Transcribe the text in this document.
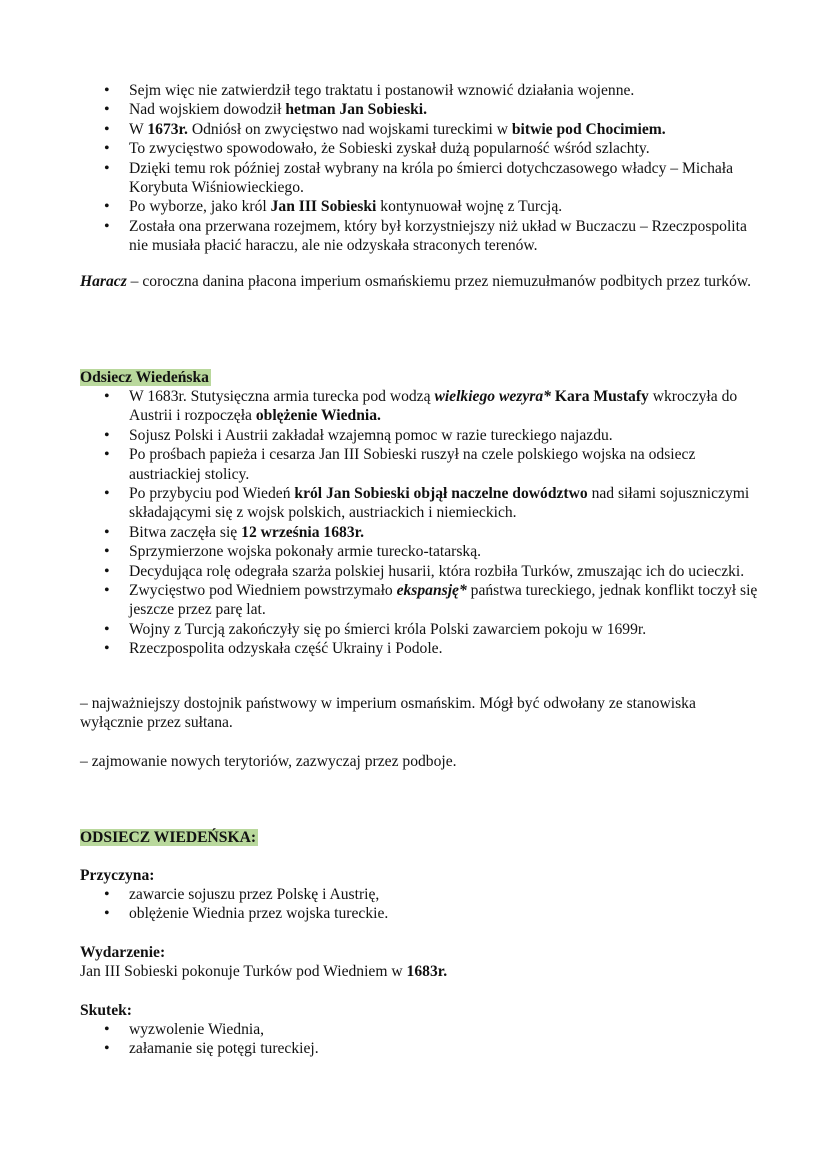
• Sejm więc nie zatwierdził tego traktatu i postanowił wznowić działania wojenne.
• Nad wojskiem dowodził hetman Jan Sobieski.
• W 1673r. Odniósł on zwycięstwo nad wojskami tureckimi w bitwie pod Chocimiem.
• To zwycięstwo spowodowało, że Sobieski zyskał dużą popularność wśród szlachty.
• Dzięki temu rok później został wybrany na króla po śmierci dotychczasowego władcy – Michała Korybuta Wiśniowieckiego.
• Po wyborze, jako król Jan III Sobieski kontynuował wojnę z Turcją.
• Została ona przerwana rozejmem, który był korzystniejszy niż układ w Buczaczu – Rzeczpospolita nie musiała płacić haraczu, ale nie odzyskała straconych terenów.

Haracz – coroczna danina płacona imperium osmańskiemu przez niemuzułmanów podbitych przez turków.

Odsiecz Wiedeńska

• W 1683r. Stutysięczna armia turecka pod wodzą wielkiego wezyra* Kara Mustafy wkroczyła do Austrii i rozpoczęła oblężenie Wiednia.
• Sojusz Polski i Austrii zakładał wzajemną pomoc w razie tureckiego najazdu.
• Po prośbach papieża i cesarza Jan III Sobieski ruszył na czele polskiego wojska na odsiecz austriackiej stolicy.
• Po przybyciu pod Wiedeń król Jan Sobieski objął naczelne dowództwo nad siłami sojuszniczymi składającymi się z wojsk polskich, austriackich i niemieckich.
• Bitwa zaczęła się 12 września 1683r.
• Sprzymierzone wojska pokonały armie turecko-tatarską.
• Decydująca rolę odegrała szarża polskiej husarii, która rozbiła Turków, zmuszając ich do ucieczki.
• Zwycięstwo pod Wiedniem powstrzymało ekspansję* państwa tureckiego, jednak konflikt toczył się jeszcze przez parę lat.
• Wojny z Turcją zakończyły się po śmierci króla Polski zawarciem pokoju w 1699r.
• Rzeczpospolita odzyskała część Ukrainy i Podole.

– najważniejszy dostojnik państwowy w imperium osmańskim. Mógł być odwołany ze stanowiska wyłącznie przez sułtana.

– zajmowanie nowych terytoriów, zazwyczaj przez podboje.

ODSIECZ WIEDEŃSKA:

Przyczyna:

• zawarcie sojuszu przez Polskę i Austrię,
• oblężenie Wiednia przez wojska tureckie.

Wydarzenie:

Jan III Sobieski pokonuje Turków pod Wiedniem w 1683r.

Skutek:

• wyzwolenie Wiednia,
• załamanie się potęgi tureckiej.
